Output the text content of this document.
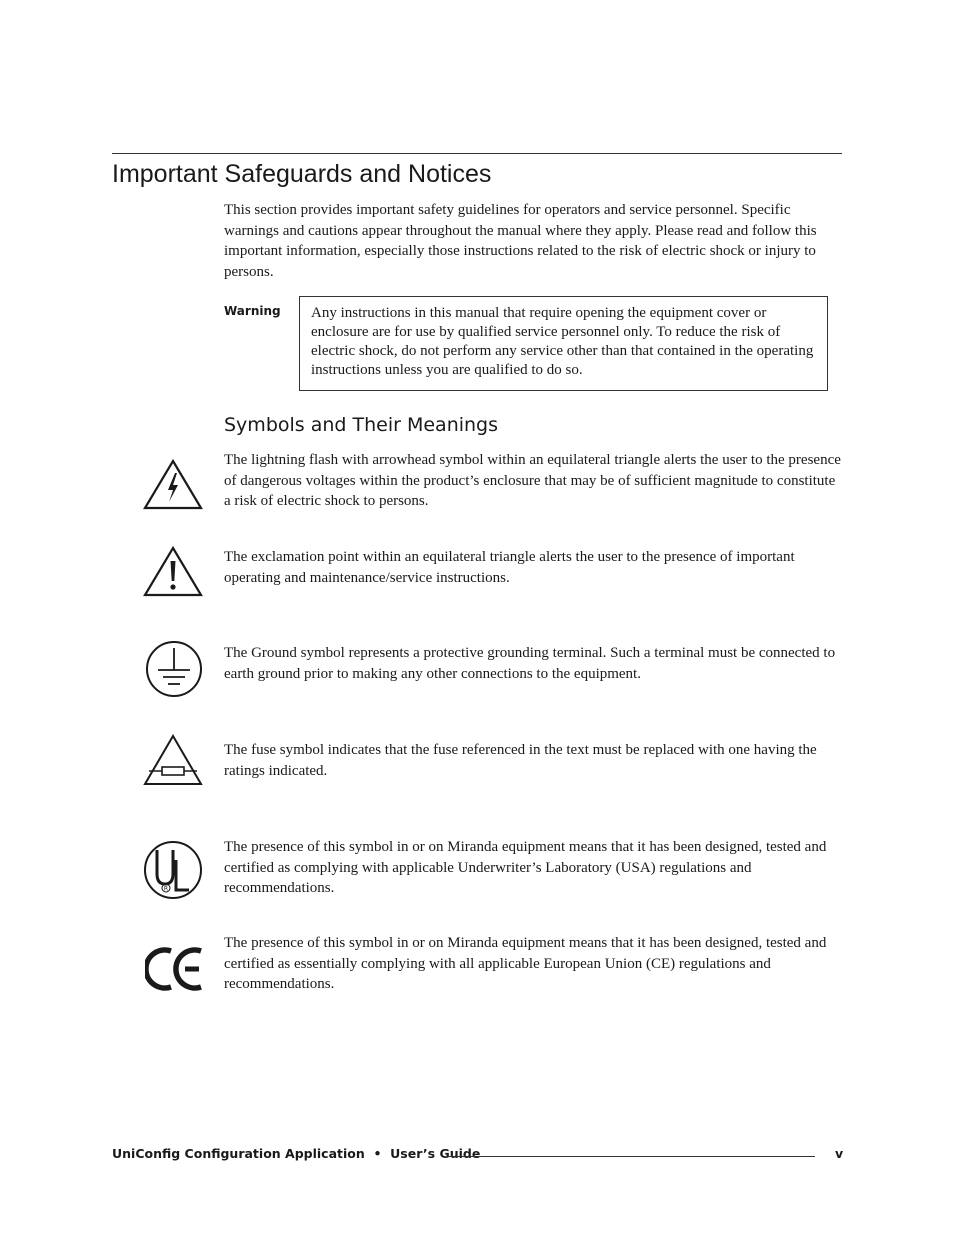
Important Safeguards and Notices

This section provides important safety guidelines for operators and service personnel. Specific warnings and cautions appear throughout the manual where they apply. Please read and follow this important information, especially those instructions related to the risk of electric shock or injury to persons.

Warning	Any instructions in this manual that require opening the equipment cover or enclosure are for use by qualified service personnel only. To reduce the risk of electric shock, do not perform any service other than that contained in the operating instructions unless you are qualified to do so.
Symbols and Their Meanings

The lightning flash with arrowhead symbol within an equilateral triangle alerts the user to the presence of dangerous voltages within the product’s enclosure that may be of sufficient magnitude to constitute a risk of electric shock to persons.

The exclamation point within an equilateral triangle alerts the user to the presence of important operating and maintenance/service instructions.

The Ground symbol represents a protective grounding terminal. Such a terminal must be connected to earth ground prior to making any other connections to the equipment.

The fuse symbol indicates that the fuse referenced in the text must be replaced with one having the ratings indicated.

R

The presence of this symbol in or on Miranda equipment means that it has been designed, tested and certified as complying with applicable Underwriter’s Laboratory (USA) regulations and recommendations.

The presence of this symbol in or on Miranda equipment means that it has been designed, tested and certified as essentially complying with all applicable European Union (CE) regulations and recommendations.

UniConfig Configuration Application  •  User’s Guide	v
